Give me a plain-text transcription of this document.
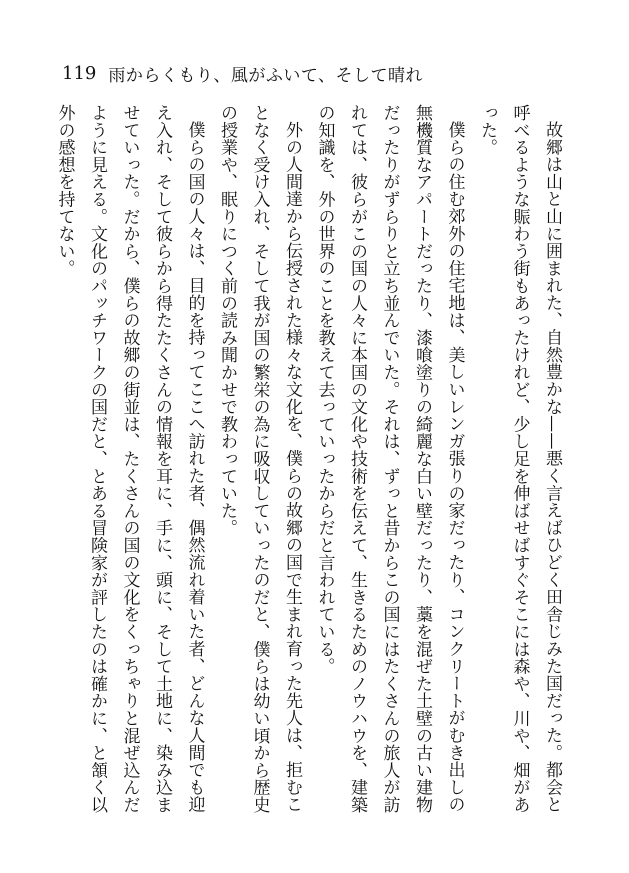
119 雨からくもり、風がふいて、そして晴れ

故郷は山と山に囲まれた、自然豊かな——悪く言えばひどく田舎じみた国だった。都会と呼べるような賑わう街もあったけれど、少し足を伸ばせばすぐそこには森や、川や、畑があった。

僕らの住む郊外の住宅地は、美しいレンガ張りの家だったり、コンクリートがむき出しの無機質なアパートだったり、漆喰塗りの綺麗な白い壁だったり、藁を混ぜた土壁の古い建物だったりがずらりと立ち並んでいた。それは、ずっと昔からこの国にはたくさんの旅人が訪れては、彼らがこの国の人々に本国の文化や技術を伝えて、生きるためのノウハウを、建築の知識を、外の世界のことを教えて去っていったからだと言われている。

外の人間達から伝授された様々な文化を、僕らの故郷の国で生まれ育った先人は、拒むことなく受け入れ、そして我が国の繁栄の為に吸収していったのだと、僕らは幼い頃から歴史の授業や、眠りにつく前の読み聞かせで教わっていた。

僕らの国の人々は、目的を持ってここへ訪れた者、偶然流れ着いた者、どんな人間でも迎え入れ、そして彼らから得たたくさんの情報を耳に、手に、頭に、そして土地に、染み込ませていった。だから、僕らの故郷の街並は、たくさんの国の文化をくっちゃりと混ぜ込んだように見える。文化のパッチワークの国だと、とある冒険家が評したのは確かに、と頷く以外の感想を持てない。
